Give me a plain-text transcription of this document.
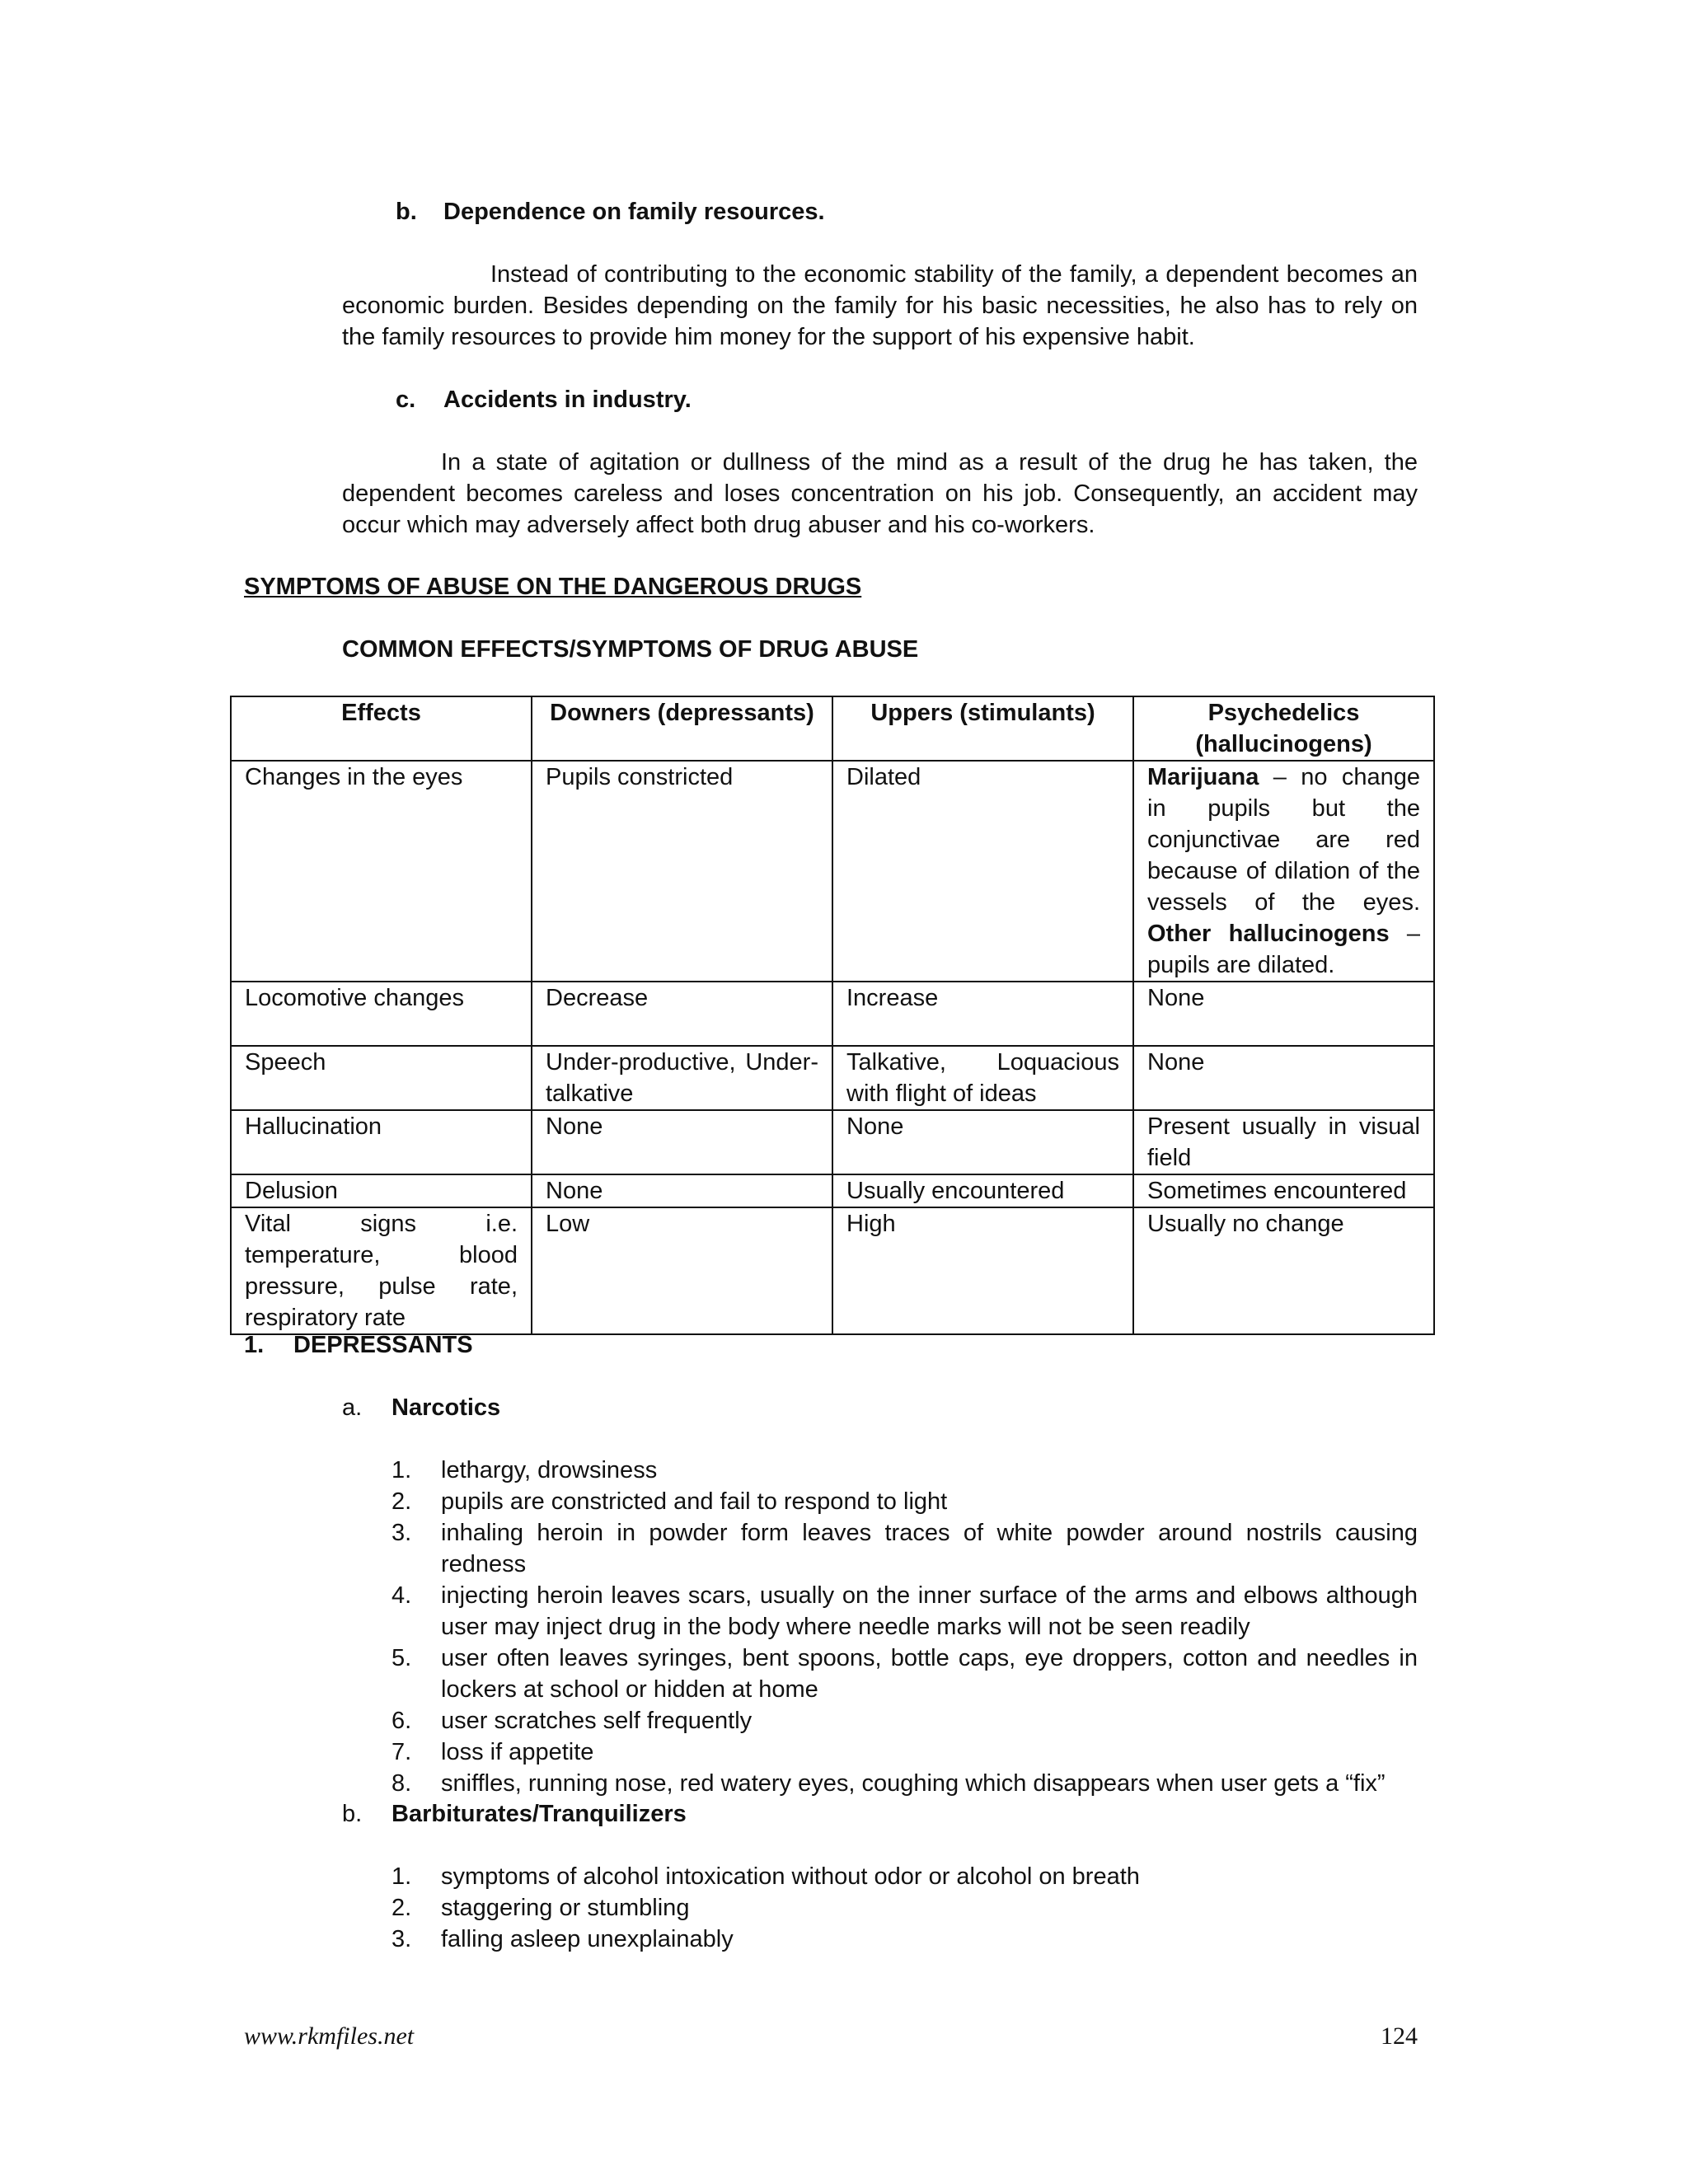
b. Dependence on family resources.
Instead of contributing to the economic stability of the family, a dependent becomes an economic burden. Besides depending on the family for his basic necessities, he also has to rely on the family resources to provide him money for the support of his expensive habit.
c. Accidents in industry.
In a state of agitation or dullness of the mind as a result of the drug he has taken, the dependent becomes careless and loses concentration on his job. Consequently, an accident may occur which may adversely affect both drug abuser and his co-workers.
SYMPTOMS OF ABUSE ON THE DANGEROUS DRUGS
COMMON EFFECTS/SYMPTOMS OF DRUG ABUSE
Effects	Downers (depressants)	Uppers (stimulants)	Psychedelics (hallucinogens)
Changes in the eyes	Pupils constricted	Dilated	Marijuana – no change in pupils but the conjunctivae are red because of dilation of the vessels of the eyes. Other hallucinogens – pupils are dilated.
Locomotive changes	Decrease	Increase	None
Speech	Under-productive, Under-talkative	Talkative, Loquacious with flight of ideas	None
Hallucination	None	None	Present usually in visual field
Delusion	None	Usually encountered	Sometimes encountered
Vital signs i.e. temperature, blood pressure, pulse rate, respiratory rate	Low	High	Usually no change
1. DEPRESSANTS
a. Narcotics
1. lethargy, drowsiness
2. pupils are constricted and fail to respond to light
3. inhaling heroin in powder form leaves traces of white powder around nostrils causing redness
4. injecting heroin leaves scars, usually on the inner surface of the arms and elbows although user may inject drug in the body where needle marks will not be seen readily
5. user often leaves syringes, bent spoons, bottle caps, eye droppers, cotton and needles in lockers at school or hidden at home
6. user scratches self frequently
7. loss if appetite
8. sniffles, running nose, red watery eyes, coughing which disappears when user gets a “fix”
b. Barbiturates/Tranquilizers
1. symptoms of alcohol intoxication without odor or alcohol on breath
2. staggering or stumbling
3. falling asleep unexplainably
www.rkmfiles.net	124
